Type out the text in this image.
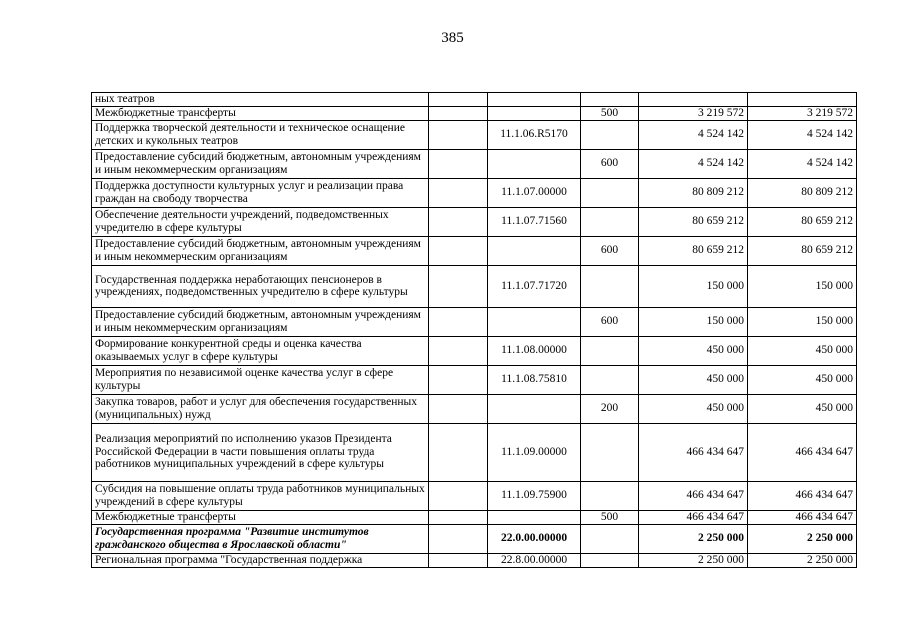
385
ных театров					
Межбюджетные трансферты			500	3 219 572	3 219 572
Поддержка творческой деятельности и техническое оснащение детских и кукольных театров		11.1.06.R5170		4 524 142	4 524 142
Предоставление субсидий бюджетным, автономным учреждениям и иным некоммерческим организациям			600	4 524 142	4 524 142
Поддержка доступности культурных услуг и реализации права граждан на свободу творчества		11.1.07.00000		80 809 212	80 809 212
Обеспечение деятельности учреждений, подведомственных учредителю в сфере культуры		11.1.07.71560		80 659 212	80 659 212
Предоставление субсидий бюджетным, автономным учреждениям и иным некоммерческим организациям			600	80 659 212	80 659 212
Государственная поддержка неработающих пенсионеров в учреждениях, подведомственных учредителю в сфере культуры		11.1.07.71720		150 000	150 000
Предоставление субсидий бюджетным, автономным учреждениям и иным некоммерческим организациям			600	150 000	150 000
Формирование конкурентной среды и оценка качества оказываемых услуг в сфере культуры		11.1.08.00000		450 000	450 000
Мероприятия по независимой оценке качества услуг в сфере культуры		11.1.08.75810		450 000	450 000
Закупка товаров, работ и услуг для обеспечения государственных (муниципальных) нужд			200	450 000	450 000
Реализация мероприятий по исполнению указов Президента Российской Федерации в части повышения оплаты труда работников муниципальных учреждений в сфере культуры		11.1.09.00000		466 434 647	466 434 647
Субсидия на повышение оплаты труда работников муниципальных учреждений в сфере культуры		11.1.09.75900		466 434 647	466 434 647
Межбюджетные трансферты			500	466 434 647	466 434 647
Государственная программа "Развитие институтов гражданского общества в Ярославской области"		22.0.00.00000		2 250 000	2 250 000
Региональная программа "Государственная поддержка		22.8.00.00000		2 250 000	2 250 000
